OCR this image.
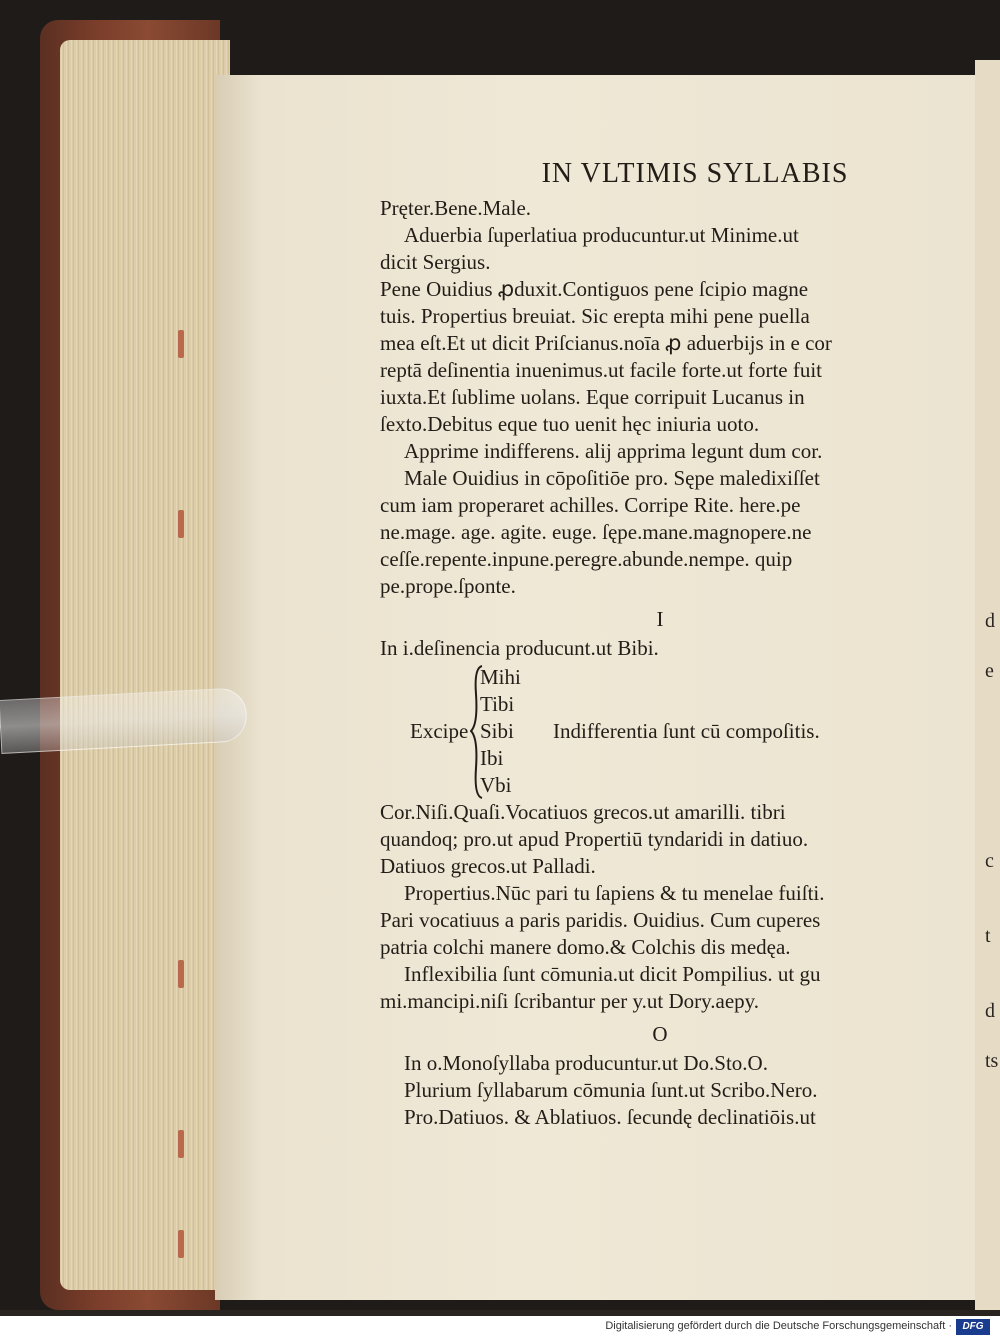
d
e
c
t
d
ts
IN VLTIMIS SYLLABIS
Pręter.Bene.Male.
Aduerbia ſuperlatiua producuntur.ut Minime.ut
dicit Sergius.
Pene Ouidius ꝓduxit.Contiguos pene ſcipio magne
tuis. Propertius breuiat. Sic erepta mihi pene puella
mea eſt.Et ut dicit Priſcianus.noīa ꝓ aduerbijs in e cor
reptā deſinentia inuenimus.ut facile forte.ut forte fuit
iuxta.Et ſublime uolans. Eque corripuit Lucanus in
ſexto.Debitus eque tuo uenit hęc iniuria uoto.
Apprime indifferens. alij apprima legunt dum cor.
Male Ouidius in cōpoſitiōe pro. Sępe maledixiſſet
cum iam properaret achilles. Corripe Rite. here.pe
ne.mage. age. agite. euge. ſępe.mane.magnopere.ne
ceſſe.repente.inpune.peregre.abunde.nempe. quip
pe.prope.ſponte.
I
In i.deſinencia producunt.ut Bibi.
Excipe
Mihi
Tibi
Sibi
Ibi
Vbi
Indifferentia ſunt cū compoſitis.
Cor.Niſi.Quaſi.Vocatiuos grecos.ut amarilli. tibri
quandoq; pro.ut apud Propertiū tyndaridi in datiuo.
Datiuos grecos.ut Palladi.
Propertius.Nūc pari tu ſapiens & tu menelae fuiſti.
Pari vocatiuus a paris paridis. Ouidius. Cum cuperes
patria colchi manere domo.& Colchis dis medęa.
Inflexibilia ſunt cōmunia.ut dicit Pompilius. ut gu
mi.mancipi.niſi ſcribantur per y.ut Dory.aepy.
O
In o.Monoſyllaba producuntur.ut Do.Sto.O.
Plurium ſyllabarum cōmunia ſunt.ut Scribo.Nero.
Pro.Datiuos. & Ablatiuos. ſecundę declinatiōis.ut
Digitalisierung gefördert durch die Deutsche Forschungsgemeinschaft ·	DFG
